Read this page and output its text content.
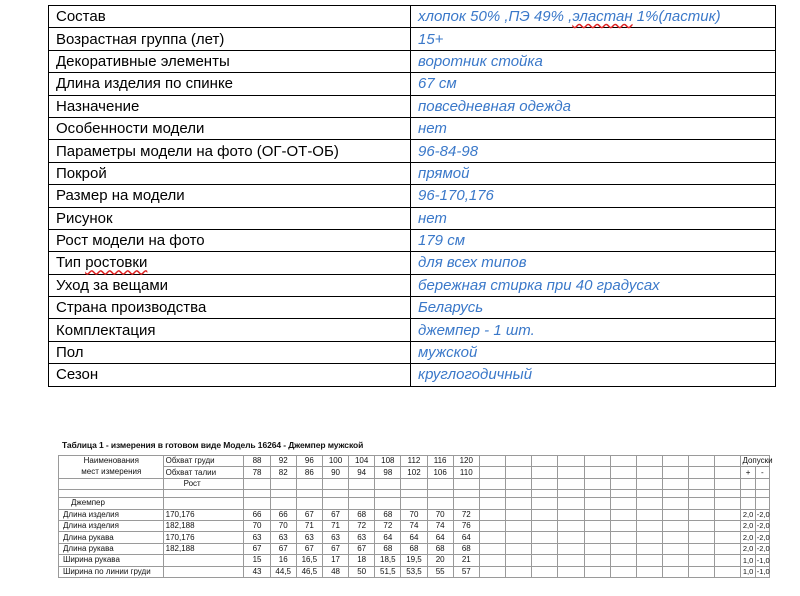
Состав	хлопок 50% ,ПЭ 49% ,эластан 1%(ластик)
Возрастная группа (лет)	15+
Декоративные элементы	воротник стойка
Длина изделия по спинке	67 см
Назначение	повседневная одежда
Особенности модели	нет
Параметры модели на фото (ОГ-ОТ-ОБ)	96-84-98
Покрой	прямой
Размер на модели	96-170,176
Рисунок	нет
Рост модели на фото	179 см
Тип ростовки	для всех типов
Уход за вещами	бережная стирка при 40 градусах
Страна производства	Беларусь
Комплектация	джемпер - 1 шт.
Пол	мужской
Сезон	круглогодичный
Таблица 1 - измерения в готовом виде Модель 16264 - Джемпер мужской
Наименования	Обхват груди	88	92	96	100	104	108	112	116	120											Допуски	
мест измерения	Обхват талии	78	82	86	90	94	98	102	106	110											+	-
	Рост																					

Джемпер																						
Длина изделия	170,176	66	66	67	67	68	68	70	70	72											2,0	-2,0
Длина изделия	182,188	70	70	71	71	72	72	74	74	76											2,0	-2,0
Длина рукава	170,176	63	63	63	63	63	64	64	64	64											2,0	-2,0
Длина рукава	182,188	67	67	67	67	67	68	68	68	68											2,0	-2,0
Ширина рукава		15	16	16,5	17	18	18,5	19,5	20	21											1,0	-1,0
Ширина по линии груди		43	44,5	46,5	48	50	51,5	53,5	55	57											1,0	-1,0
